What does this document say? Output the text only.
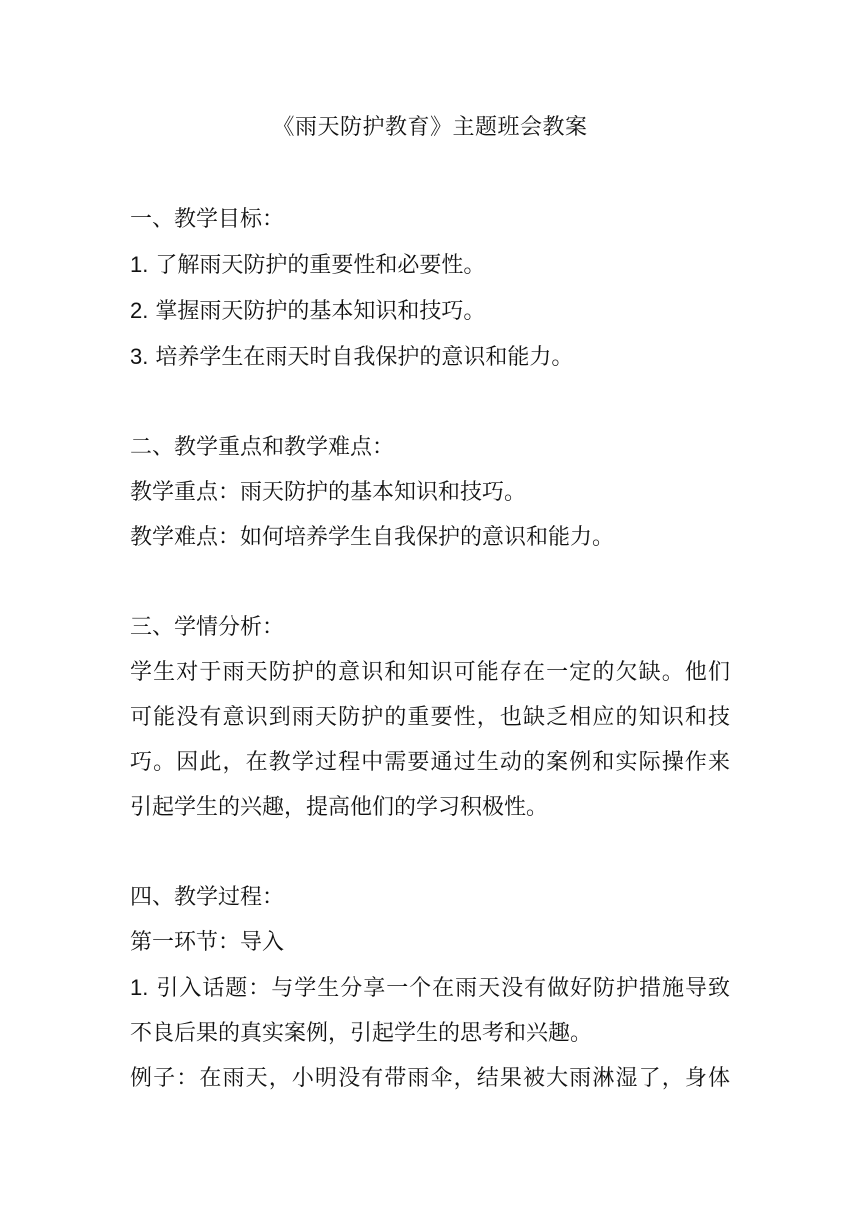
《雨天防护教育》主题班会教案
一、教学目标：
1. 了解雨天防护的重要性和必要性。
2. 掌握雨天防护的基本知识和技巧。
3. 培养学生在雨天时自我保护的意识和能力。
二、教学重点和教学难点：
教学重点：雨天防护的基本知识和技巧。
教学难点：如何培养学生自我保护的意识和能力。
三、学情分析：
学生对于雨天防护的意识和知识可能存在一定的欠缺。他们
可能没有意识到雨天防护的重要性，也缺乏相应的知识和技
巧。因此，在教学过程中需要通过生动的案例和实际操作来
引起学生的兴趣，提高他们的学习积极性。
四、教学过程：
第一环节：导入
1. 引入话题：与学生分享一个在雨天没有做好防护措施导致
不良后果的真实案例，引起学生的思考和兴趣。
例子：在雨天，小明没有带雨伞，结果被大雨淋湿了，身体
